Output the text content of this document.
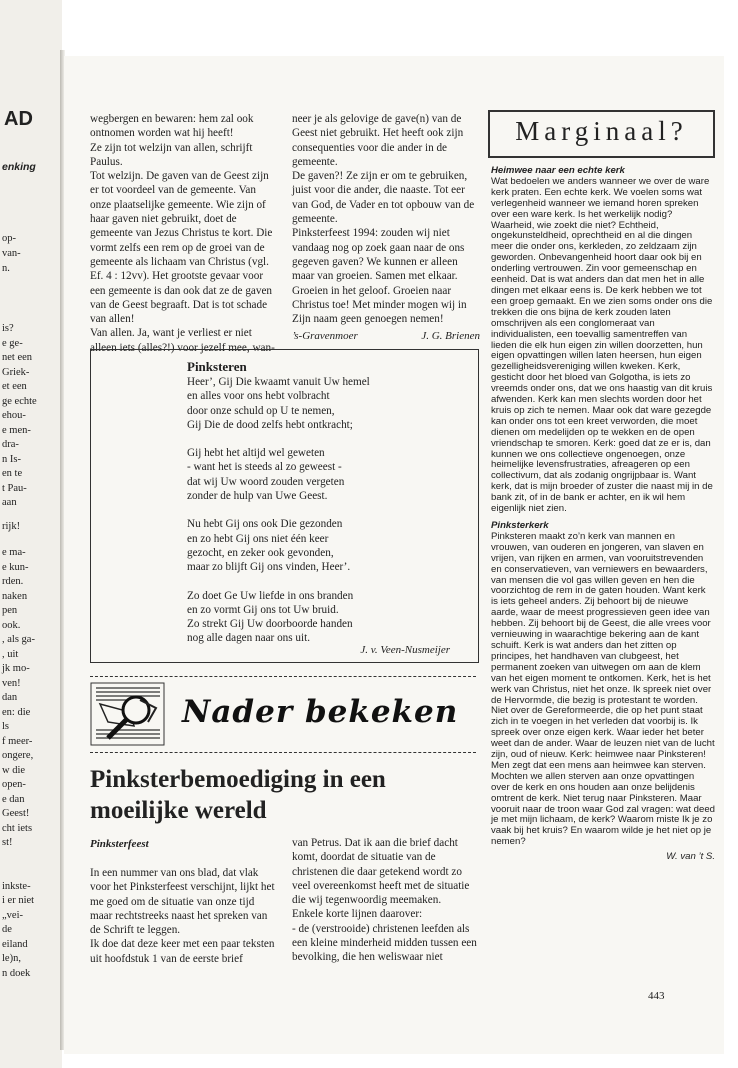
AD
enking
op-
van-
n.
is?
e ge-
net een
Griek-
et een
ge echte
ehou-
e men-
dra-
n Is-
en te
t Pau-
aan
rijk!
e ma-
e kun-
rden.
naken
pen
ook.
, als ga-
, uit
jk mo-
ven!
dan
en: die
ls
f meer-
ongere,
w die
open-
e dan
Geest!
cht iets
st!
inkste-
i er niet
„vei-
de
eiland
le)n,
n doek

wegbergen en bewaren: hem zal ook ontnomen worden wat hij heeft!

Ze zijn tot welzijn van allen, schrijft Paulus.

Tot welzijn. De gaven van de Geest zijn er tot voordeel van de gemeente. Van onze plaatselijke gemeente. Wie zijn of haar gaven niet gebruikt, doet de gemeente van Jezus Christus te kort. Die vormt zelfs een rem op de groei van de gemeente als lichaam van Christus (vgl. Ef. 4 : 12vv). Het grootste gevaar voor een gemeente is dan ook dat ze de gaven van de Geest begraaft. Dat is tot schade van allen!

Van allen. Ja, want je verliest er niet alleen iets (alles?!) voor jezelf mee, wan-

neer je als gelovige de gave(n) van de Geest niet gebruikt. Het heeft ook zijn consequenties voor die ander in de gemeente.

De gaven?! Ze zijn er om te gebruiken, juist voor die ander, die naaste. Tot eer van God, de Vader en tot opbouw van de gemeente.

Pinksterfeest 1994: zouden wij niet vandaag nog op zoek gaan naar de ons gegeven gaven? We kunnen er alleen maar van groeien. Samen met elkaar. Groeien in het geloof. Groeien naar Christus toe! Met minder mogen wij in Zijn naam geen genoegen nemen!

’s-Gravenmoer	J. G. Brienen
Pinksteren
Heer’, Gij Die kwaamt vanuit Uw hemel
en alles voor ons hebt volbracht
door onze schuld op U te nemen,
Gij Die de dood zelfs hebt ontkracht;
Gij hebt het altijd wel geweten
- want het is steeds al zo geweest -
dat wij Uw woord zouden vergeten
zonder de hulp van Uwe Geest.
Nu hebt Gij ons ook Die gezonden
en zo hebt Gij ons niet één keer
gezocht, en zeker ook gevonden,
maar zo blijft Gij ons vinden, Heer’.
Zo doet Ge Uw liefde in ons branden
en zo vormt Gij ons tot Uw bruid.
Zo strekt Gij Uw doorboorde handen
nog alle dagen naar ons uit.
J. v. Veen-Nusmeijer
Nader bekeken
Pinksterbemoediging in een moeilijke wereld
Pinksterfeest

In een nummer van ons blad, dat vlak voor het Pinksterfeest verschijnt, lijkt het me goed om de situatie van onze tijd maar rechtstreeks naast het spreken van de Schrift te leggen.

Ik doe dat deze keer met een paar teksten uit hoofdstuk 1 van de eerste brief

van Petrus. Dat ik aan die brief dacht komt, doordat de situatie van de christenen die daar getekend wordt zo veel overeenkomst heeft met de situatie die wij tegenwoordig meemaken.

Enkele korte lijnen daarover:

- de (verstrooide) christenen leefden als een kleine minderheid midden tussen een bevolking, die hen weliswaar niet

Marginaal?
Heimwee naar een echte kerk
Wat bedoelen we anders wanneer we over de ware kerk praten. Een echte kerk. We voelen soms wat verlegenheid wanneer we iemand horen spreken over een ware kerk. Is het werkelijk nodig? Waarheid, wie zoekt die niet? Echtheid, ongekunsteldheid, oprechtheid en al die dingen meer die onder ons, kerkleden, zo zeldzaam zijn geworden. Onbevangenheid hoort daar ook bij en onderling vertrouwen. Zin voor gemeenschap en eenheid. Dat is wat anders dan dat men het in alle dingen met elkaar eens is. De kerk hebben we tot een groep gemaakt. En we zien soms onder ons die trekken die ons bijna de kerk zouden laten omschrijven als een conglomeraat van individualisten, een toevallig samentreffen van lieden die elk hun eigen zin willen doorzetten, hun eigen opvattingen willen laten heersen, hun eigen gezelligheidsvereniging willen kweken. Kerk, gesticht door het bloed van Golgotha, is iets zo vreemds onder ons, dat we ons haastig van dit kruis afwenden. Kerk kan men slechts worden door het kruis op zich te nemen. Maar ook dat ware gezegde kan onder ons tot een kreet verworden, die moet dienen om medelijden op te wekken en de open vriendschap te smoren. Kerk: goed dat ze er is, dan kunnen we ons collectieve ongenoegen, onze heimelijke levensfrustraties, afreageren op een collectivum, dat als zodanig ongrijpbaar is. Want kerk, dat is mijn broeder of zuster die naast mij in de bank zit, of in de bank er achter, en ik wil hem eigenlijk niet zien.
Pinksterkerk
Pinksteren maakt zo’n kerk van mannen en vrouwen, van ouderen en jongeren, van slaven en vrijen, van rijken en armen, van vooruitstrevenden en conservatieven, van verniewers en bewaarders, van mensen die vol gas willen geven en hen die voorzichtog de rem in de gaten houden. Want kerk is iets geheel anders. Zij behoort bij de nieuwe aarde, waar de meest progressieven geen idee van hebben. Zij behoort bij de Geest, die alle vrees voor vernieuwing in waarachtige bekering aan de kant schuift. Kerk is wat anders dan het zitten op principes, het handhaven van clubgeest, het permanent zoeken van uitwegen om aan de klem van het eigen moment te ontkomen. Kerk, het is het werk van Christus, niet het onze. Ik spreek niet over de Hervormde, die bezig is protestant te worden. Niet over de Gereformeerde, die op het punt staat zich in te voegen in het verleden dat voorbij is. Ik spreek over onze eigen kerk. Waar ieder het beter weet dan de ander. Waar de leuzen niet van de lucht zijn, oud of nieuw. Kerk: heimwee naar Pinksteren! Men zegt dat een mens aan heimwee kan sterven. Mochten we allen sterven aan onze opvattingen over de kerk en ons houden aan onze belijdenis omtrent de kerk. Niet terug naar Pinksteren. Maar vooruit naar de troon waar God zal vragen: wat deed je met mijn lichaam, de kerk? Waarom miste Ik je zo vaak bij het kruis? En waarom wilde je het niet op je nemen?
W. van ’t S.
443
